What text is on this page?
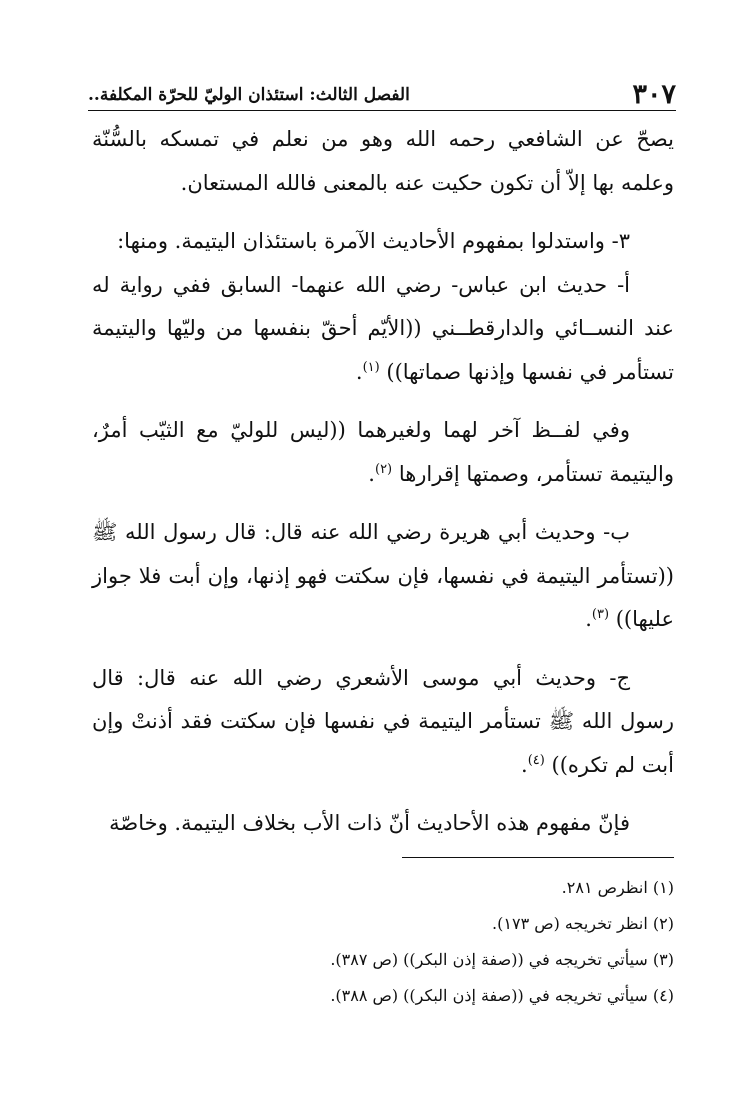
٣٠٧
الفصل الثالث: استئذان الوليّ للحرّة المكلفة..

يصحّ عن الشافعي رحمه الله وهو من نعلم في تمسكه بالسُّنّة وعلمه بها إلاّ أن تكون حكيت عنه بالمعنى فالله المستعان.

٣- واستدلوا بمفهوم الأحاديث الآمرة باستئذان اليتيمة. ومنها:

أ- حديث ابن عباس- رضي الله عنهما- السابق ففي رواية له عند النســائي والدارقطــني ((الأيّم أحقّ بنفسها من وليّها واليتيمة تستأمر في نفسها وإذنها صماتها)) $^{(١)}$.

وفي لفــظ آخر لهما ولغيرهما ((ليس للوليّ مع الثيّب أمرٌ، واليتيمة تستأمر، وصمتها إقرارها $^{(٢)}$.

ب- وحديث أبي هريرة رضي الله عنه قال: قال رسول الله ﷺ ((تستأمر اليتيمة في نفسها، فإن سكتت فهو إذنها، وإن أبت فلا جواز عليها)) $^{(٣)}$.

ج- وحديث أبي موسى الأشعري رضي الله عنه قال: قال رسول الله ﷺ تستأمر اليتيمة في نفسها فإن سكتت فقد أذنتْ وإن أبت لم تكره)) $^{(٤)}$.

فإنّ مفهوم هذه الأحاديث أنّ ذات الأب بخلاف اليتيمة. وخاصّة

(١) انظرص ٢٨١.
(٢) انظر تخريجه (ص ١٧٣).
(٣) سيأتي تخريجه في ((صفة إذن البكر)) (ص ٣٨٧).
(٤) سيأتي تخريجه في ((صفة إذن البكر)) (ص ٣٨٨).
